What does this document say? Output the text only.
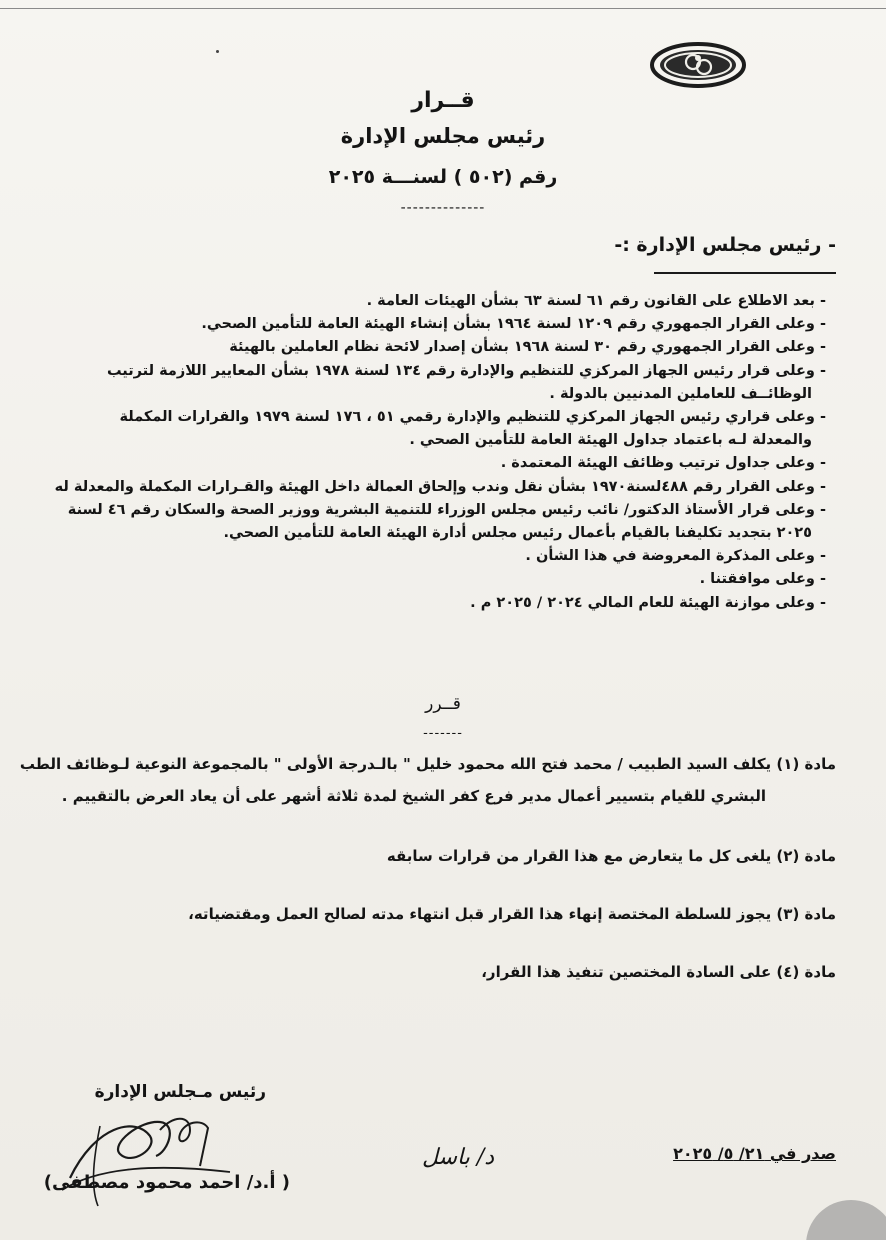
قــرار
رئيس مجلس الإدارة
رقم (٥٠٢ ) لسنـــة ٢٠٢٥
--------------
- رئيس مجلس الإدارة :-
- بعد الاطلاع على القانون رقم ٦١ لسنة ٦٣ بشأن الهيئات العامة .
- وعلى القرار الجمهوري رقم ١٢٠٩ لسنة ١٩٦٤ بشأن إنشاء الهيئة العامة للتأمين الصحي.
- وعلى القرار الجمهوري رقم ٣٠ لسنة ١٩٦٨ بشأن إصدار لائحة نظام العاملين بالهيئة
- وعلى قرار رئيس الجهاز المركزي للتنظيم والإدارة رقم ١٣٤ لسنة ١٩٧٨ بشأن المعايير اللازمة لترتيب
الوظائــف للعاملين المدنيين بالدولة .
- وعلى قراري رئيس الجهاز المركزي للتنظيم والإدارة رقمي ٥١ ، ١٧٦ لسنة ١٩٧٩ والقرارات المكملة
والمعدلة لـه باعتماد جداول الهيئة العامة للتأمين الصحي .
- وعلى جداول ترتيب وظائف الهيئة المعتمدة .
- وعلى القرار رقم ٤٨٨لسنة١٩٧٠ بشأن نقل وندب وإلحاق العمالة داخل الهيئة والقـرارات المكملة والمعدلة له
- وعلى قرار الأستاذ الدكتور/ نائب رئيس مجلس الوزراء للتنمية البشرية ووزير الصحة والسكان رقم ٤٦ لسنة
٢٠٢٥ بتجديد تكليفنا بالقيام بأعمال رئيس مجلس أدارة الهيئة العامة للتأمين الصحي.
- وعلى المذكرة المعروضة في هذا الشأن .
- وعلى موافقتنا .
- وعلى موازنة الهيئة للعام المالي ٢٠٢٤ / ٢٠٢٥ م .
قــرر
-------
مادة (١) يكلف السيد الطبيب / محمد فتح الله محمود خليل " بالـدرجة الأولى " بالمجموعة النوعية لـوظائف الطب
البشري للقيام بتسيير أعمال مدير فرع كفر الشيخ لمدة ثلاثة أشهر على أن يعاد العرض بالتقييم .
مادة (٢) يلغى كل ما يتعارض مع هذا القرار من قرارات سابقه
مادة (٣) يجوز للسلطة المختصة إنهاء هذا القرار قبل انتهاء مدته لصالح العمل ومقتضياته،
مادة (٤) على السادة المختصين تنفيذ هذا القرار،
رئيس مـجلس الإدارة
( أ.د/ احمد محمود مصطفى)
د/ باسل	صدر في ٢١/ ٥/ ٢٠٢٥
